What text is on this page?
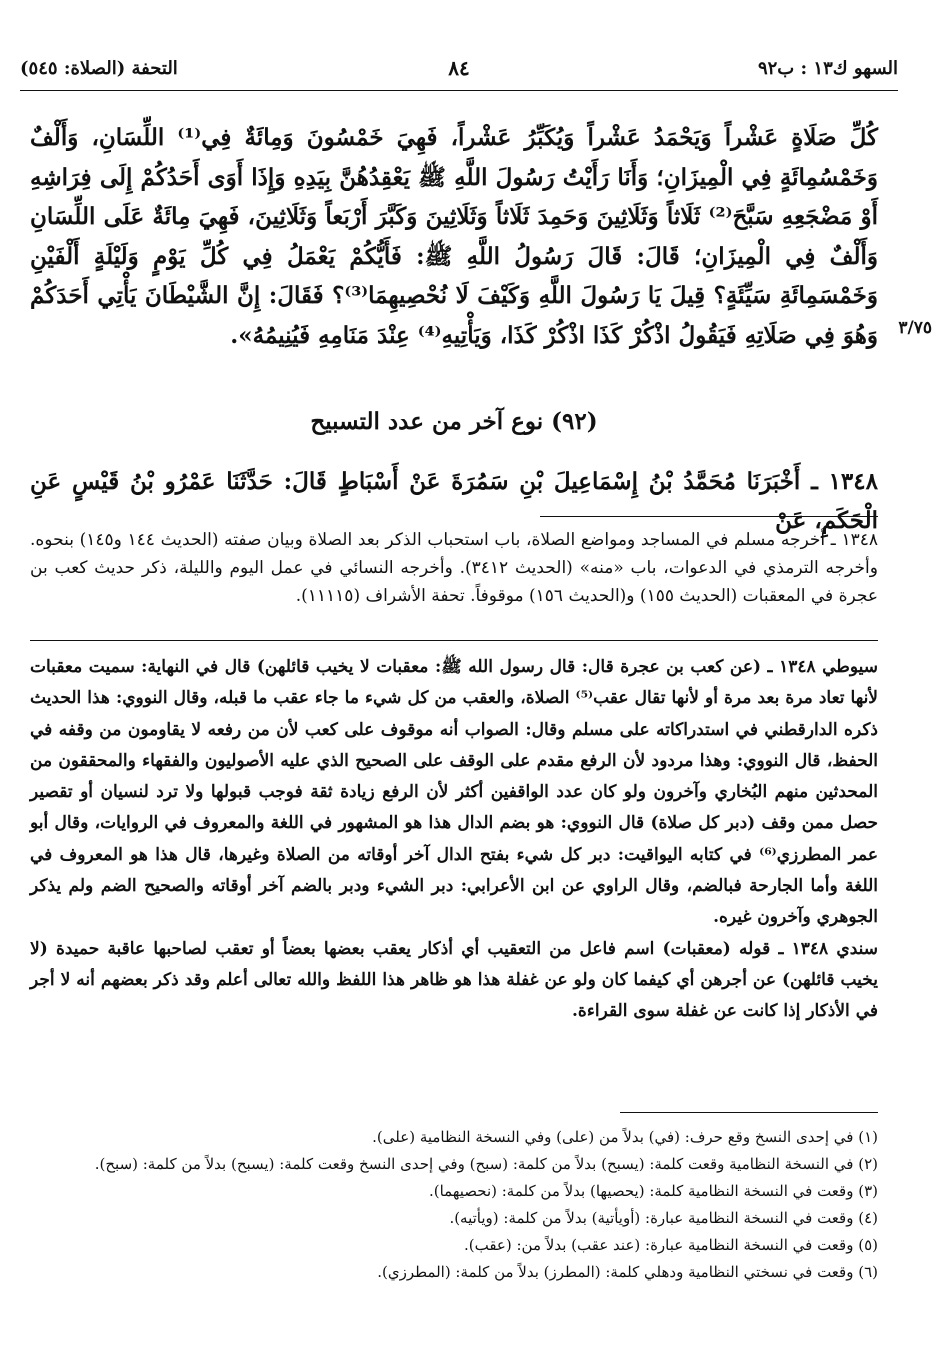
التحفة (الصلاة: ٥٤٥)	٨٤	السهو ك١٣ : ب٩٢

كُلِّ صَلَاةٍ عَشْراً وَيَحْمَدُ عَشْراً وَيُكَبِّرُ عَشْراً، فَهِيَ خَمْسُونَ وَمِائَةٌ فِي⁽¹⁾ اللِّسَانِ، وَأَلْفٌ وَخَمْسُمِائَةٍ فِي الْمِيزَانِ؛ وَأَنَا رَأَيْتُ رَسُولَ اللَّهِ ﷺ يَعْقِدُهُنَّ بِيَدِهِ وَإِذَا أَوَى أَحَدُكُمْ إِلَى فِرَاشِهِ أَوْ مَضْجَعِهِ سَبَّحَ⁽²⁾ ثَلَاثاً وَثَلَاثِينَ وَحَمِدَ ثَلَاثاً وَثَلَاثِينَ وَكَبَّرَ أَرْبَعاً وَثَلَاثِينَ، فَهِيَ مِائَةٌ عَلَى اللِّسَانِ وَأَلْفٌ فِي الْمِيزَانِ؛ قَالَ: قَالَ رَسُولُ اللَّهِ ﷺ: فَأَيُّكُمْ يَعْمَلُ فِي كُلِّ يَوْمٍ وَلَيْلَةٍ أَلْفَيْنِ وَخَمْسَمِائَةِ سَيِّئَةٍ؟ قِيلَ يَا رَسُولَ اللَّهِ وَكَيْفَ لَا نُحْصِيهِمَا⁽³⁾؟ فَقَالَ: إِنَّ الشَّيْطَانَ يَأْتِي أَحَدَكُمْ وَهُوَ فِي صَلَاتِهِ فَيَقُولُ اذْكُرْ كَذَا اذْكُرْ كَذَا، وَيَأْتِيهِ⁽⁴⁾ عِنْدَ مَنَامِهِ فَيُنِيمُهُ». ٣/٧٥
(٩٢) نوع آخر من عدد التسبيح
١٣٤٨ ـ أَخْبَرَنَا مُحَمَّدُ بْنُ إِسْمَاعِيلَ بْنِ سَمُرَةَ عَنْ أَسْبَاطٍ قَالَ: حَدَّثَنَا عَمْرُو بْنُ قَيْسٍ عَنِ الْحَكَمِ، عَنْ
١٣٤٨ ـ أخرجه مسلم في المساجد ومواضع الصلاة، باب استحباب الذكر بعد الصلاة وبيان صفته (الحديث ١٤٤ و١٤٥) بنحوه. وأخرجه الترمذي في الدعوات، باب «منه» (الحديث ٣٤١٢). وأخرجه النسائي في عمل اليوم والليلة، ذكر حديث كعب بن عجرة في المعقبات (الحديث ١٥٥) و(الحديث ١٥٦) موقوفاً. تحفة الأشراف (١١١١٥).

سيوطي ١٣٤٨ ـ (عن كعب بن عجرة قال: قال رسول الله ﷺ: معقبات لا يخيب قائلهن) قال في النهاية: سميت معقبات لأنها تعاد مرة بعد مرة أو لأنها تقال عقب⁽⁵⁾ الصلاة، والعقب من كل شيء ما جاء عقب ما قبله، وقال النووي: هذا الحديث ذكره الدارقطني في استدراكاته على مسلم وقال: الصواب أنه موقوف على كعب لأن من رفعه لا يقاومون من وقفه في الحفظ، قال النووي: وهذا مردود لأن الرفع مقدم على الوقف على الصحيح الذي عليه الأصوليون والفقهاء والمحققون من المحدثين منهم البُخاري وآخرون ولو كان عدد الواقفين أكثر لأن الرفع زيادة ثقة فوجب قبولها ولا ترد لنسيان أو تقصير حصل ممن وقف (دبر كل صلاة) قال النووي: هو بضم الدال هذا هو المشهور في اللغة والمعروف في الروايات، وقال أبو عمر المطرزي⁽⁶⁾ في كتابه اليواقيت: دبر كل شيء بفتح الدال آخر أوقاته من الصلاة وغيرها، قال هذا هو المعروف في اللغة وأما الجارحة فبالضم، وقال الراوي عن ابن الأعرابي: دبر الشيء ودبر بالضم آخر أوقاته والصحيح الضم ولم يذكر الجوهري وآخرون غيره.

سندي ١٣٤٨ ـ قوله (معقبات) اسم فاعل من التعقيب أي أذكار يعقب بعضها بعضاً أو تعقب لصاحبها عاقبة حميدة (لا يخيب قائلهن) عن أجرهن أي كيفما كان ولو عن غفلة هذا هو ظاهر هذا اللفظ والله تعالى أعلم وقد ذكر بعضهم أنه لا أجر في الأذكار إذا كانت عن غفلة سوى القراءة.

(١) في إحدى النسخ وقع حرف: (في) بدلاً من (على) وفي النسخة النظامية (على).
(٢) في النسخة النظامية وقعت كلمة: (يسبح) بدلاً من كلمة: (سبح) وفي إحدى النسخ وقعت كلمة: (يسبح) بدلاً من كلمة: (سبح).
(٣) وقعت في النسخة النظامية كلمة: (يحصيها) بدلاً من كلمة: (نحصيهما).
(٤) وقعت في النسخة النظامية عبارة: (أويأتية) بدلاً من كلمة: (ويأتيه).
(٥) وقعت في النسخة النظامية عبارة: (عند عقب) بدلاً من: (عقب).
(٦) وقعت في نسختي النظامية ودهلي كلمة: (المطرز) بدلاً من كلمة: (المطرزي).
